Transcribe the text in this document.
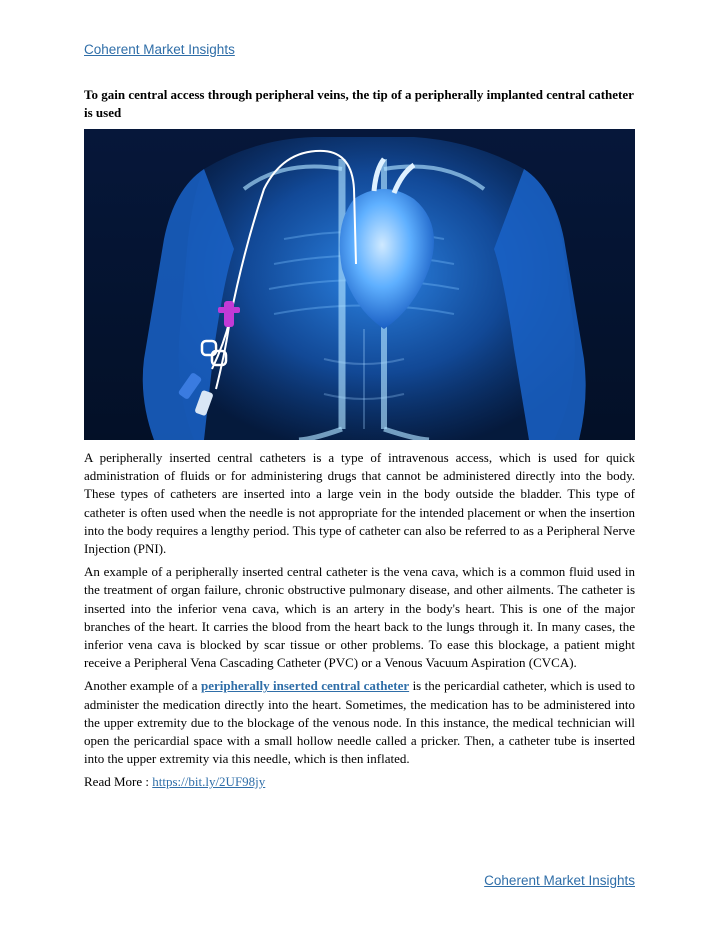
Coherent Market Insights
To gain central access through peripheral veins, the tip of a peripherally implanted central catheter is used

A peripherally inserted central catheters is a type of intravenous access, which is used for quick administration of fluids or for administering drugs that cannot be administered directly into the body. These types of catheters are inserted into a large vein in the body outside the bladder. This type of catheter is often used when the needle is not appropriate for the intended placement or when the insertion into the body requires a lengthy period. This type of catheter can also be referred to as a Peripheral Nerve Injection (PNI).

An example of a peripherally inserted central catheter is the vena cava, which is a common fluid used in the treatment of organ failure, chronic obstructive pulmonary disease, and other ailments. The catheter is inserted into the inferior vena cava, which is an artery in the body's heart. This is one of the major branches of the heart. It carries the blood from the heart back to the lungs through it. In many cases, the inferior vena cava is blocked by scar tissue or other problems. To ease this blockage, a patient might receive a Peripheral Vena Cascading Catheter (PVC) or a Venous Vacuum Aspiration (CVCA).

Another example of a peripherally inserted central catheter is the pericardial catheter, which is used to administer the medication directly into the heart. Sometimes, the medication has to be administered into the upper extremity due to the blockage of the venous node. In this instance, the medical technician will open the pericardial space with a small hollow needle called a pricker. Then, a catheter tube is inserted into the upper extremity via this needle, which is then inflated.

Read More : https://bit.ly/2UF98jy

Coherent Market Insights
